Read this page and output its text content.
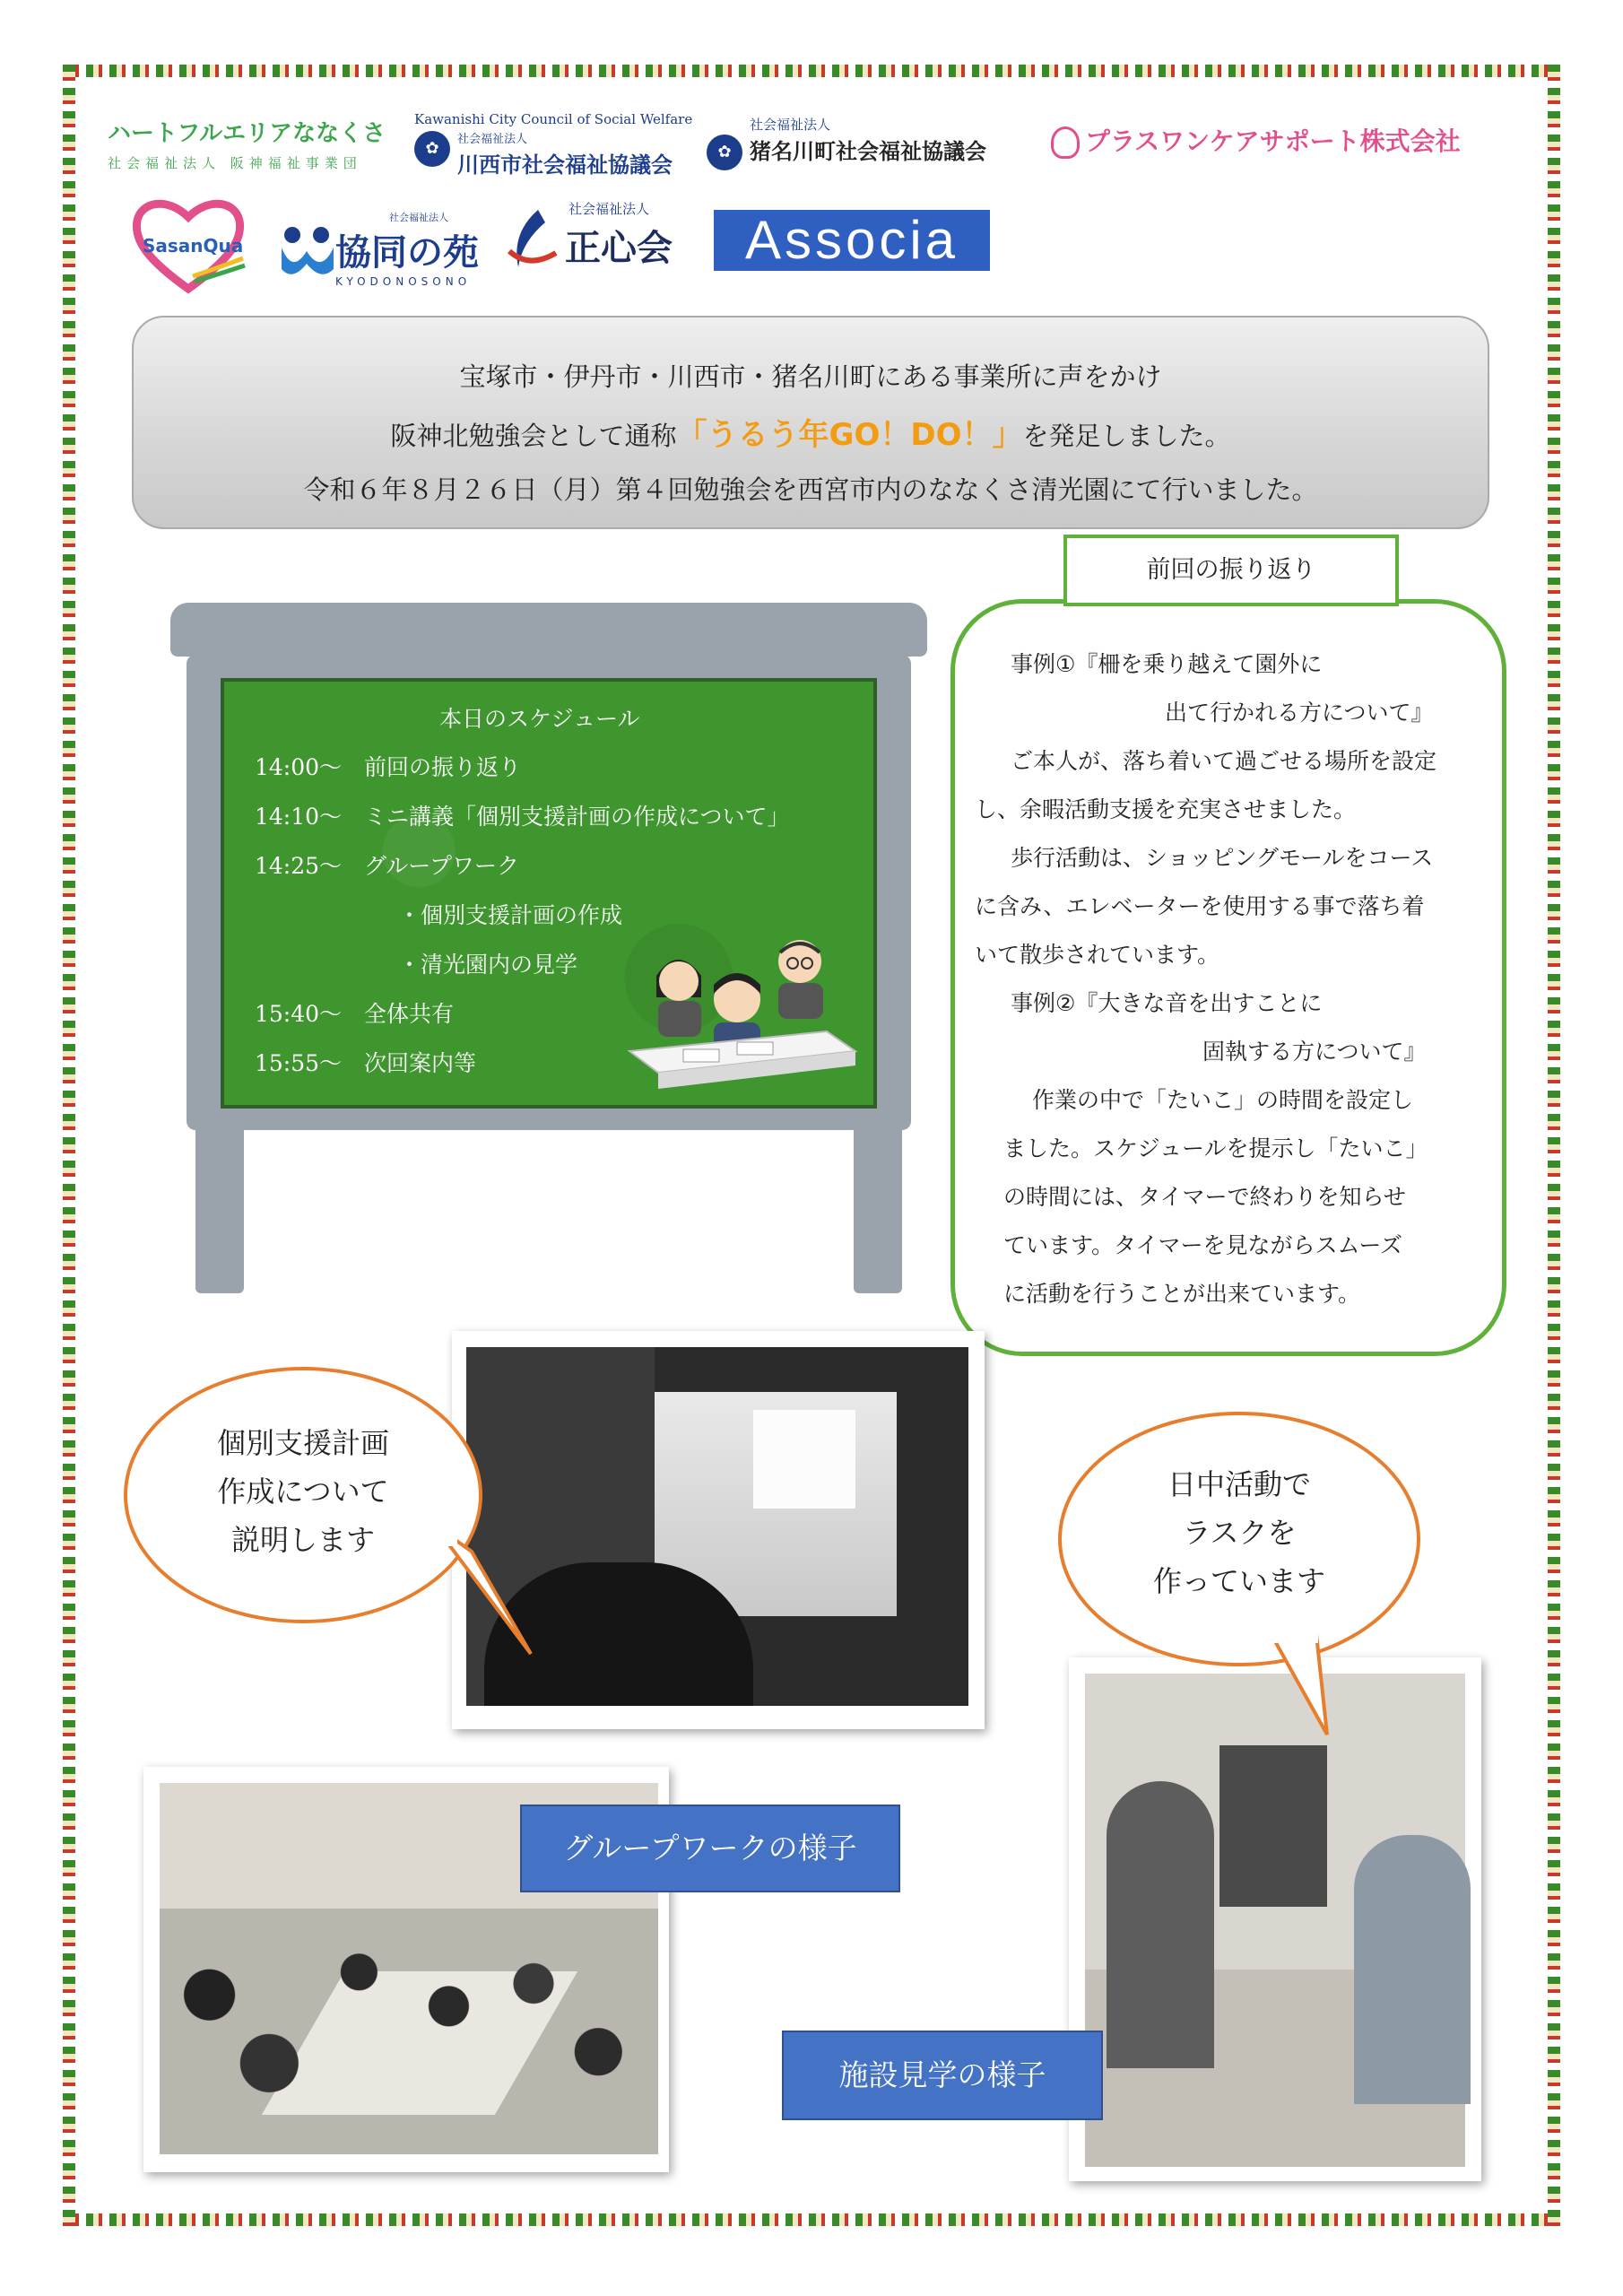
ハートフルエリアななくさ
社会福祉法人 阪神福祉事業団
Kawanishi City Council of Social Welfare
✿ $^{社会福祉法人}$
川西市社会福祉協議会
社会福祉法人
✿ 猪名川町社会福祉協議会	プラスワンケアサポート株式会社
SasanQua
社会福祉法人
協同の苑
KYODONOSONO
社会福祉法人
正心会	Associa
宝塚市・伊丹市・川西市・猪名川町にある事業所に声をかけ
阪神北勉強会として通称「うるう年GO！DO！」を発足しました。
令和６年８月２６日（月）第４回勉強会を西宮市内のななくさ清光園にて行いました。
本日のスケジュール
14:00〜 前回の振り返り
14:10〜 ミニ講義「個別支援計画の作成について」
14:25〜 グループワーク
・個別支援計画の作成
・清光園内の見学
15:40〜 全体共有
15:55〜 次回案内等
前回の振り返り
事例①『柵を乗り越えて園外に
出て行かれる方について』
ご本人が、落ち着いて過ごせる場所を設定
し、余暇活動支援を充実させました。
歩行活動は、ショッピングモールをコース
に含み、エレベーターを使用する事で落ち着
いて散歩されています。
事例②『大きな音を出すことに
固執する方について』
作業の中で「たいこ」の時間を設定し
ました。スケジュールを提示し「たいこ」
の時間には、タイマーで終わりを知らせ
ています。タイマーを見ながらスムーズ
に活動を行うことが出来ています。
個別支援計画
作成について
説明します
日中活動で
ラスクを
作っています
グループワークの様子
施設見学の様子
